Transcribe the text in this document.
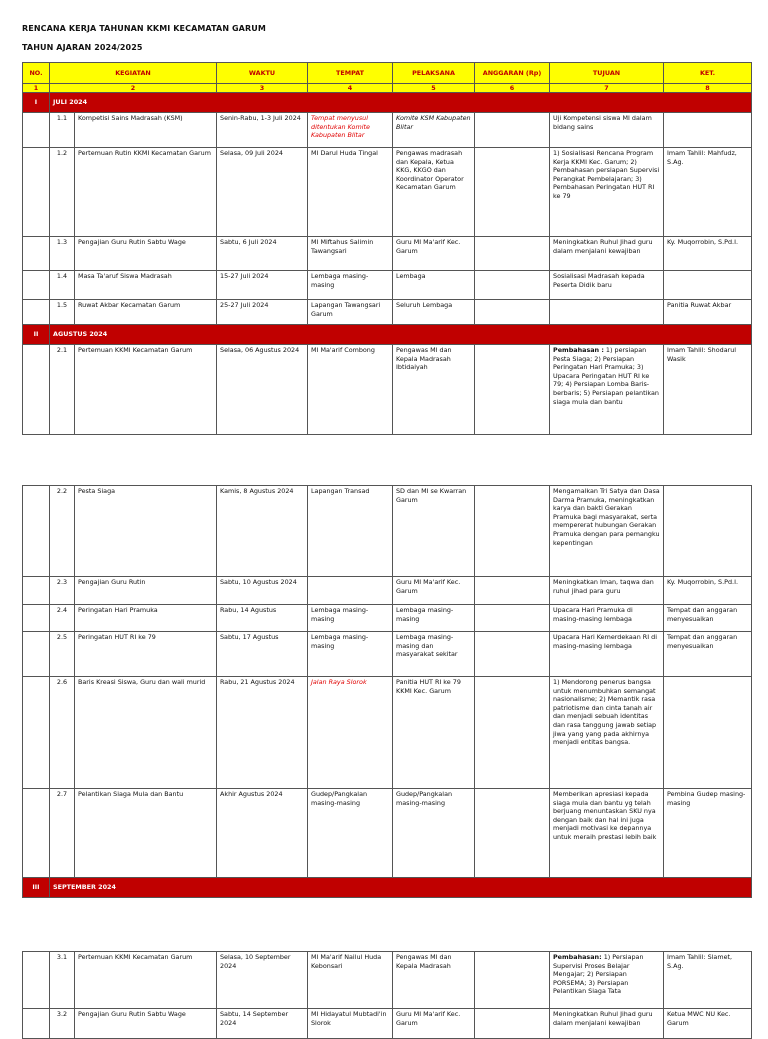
RENCANA KERJA TAHUNAN KKMI KECAMATAN GARUM
TAHUN AJARAN 2024/2025
NO.	KEGIATAN		WAKTU	TEMPAT	PELAKSANA	ANGGARAN (Rp)	TUJUAN	KET.
1	2		3	4	5	6	7	8
I	JULI 2024							
	1.1	Kompetisi Sains Madrasah (KSM)	Senin-Rabu, 1-3 Juli 2024	Tempat menyusul ditentukan Komite Kabupaten Blitar	Komite KSM Kabupaten Blitar		Uji Kompetensi siswa MI dalam bidang sains	
	1.2	Pertemuan Rutin KKMI Kecamatan Garum	Selasa, 09 Juli 2024	MI Darul Huda Tingal	Pengawas madrasah dan Kepala, Ketua KKG, KKGO dan Koordinator Operator Kecamatan Garum		1) Sosialisasi Rencana Program Kerja KKMI Kec. Garum; 2) Pembahasan persiapan Supervisi Perangkat Pembelajaran; 3) Pembahasan Peringatan HUT RI ke 79	Imam Tahlil: Mahfudz, S.Ag.
	1.3	Pengajian Guru Rutin Sabtu Wage	Sabtu, 6 Juli 2024	MI Miftahus Salimin Tawangsari	Guru MI Ma'arif Kec. Garum		Meningkatkan Ruhul Jihad guru dalam menjalani kewajiban	Ky. Muqorrobin, S.Pd.I.
	1.4	Masa Ta'aruf Siswa Madrasah	15-27 Juli 2024	Lembaga masing-masing	Lembaga		Sosialisasi Madrasah kepada Peserta Didik baru	
	1.5	Ruwat Akbar Kecamatan Garum	25-27 Juli 2024	Lapangan Tawangsari Garum	Seluruh Lembaga			Panitia Ruwat Akbar
II	AGUSTUS 2024							
	2.1	Pertemuan KKMI Kecamatan Garum	Selasa, 06 Agustus 2024	MI Ma'arif Combong	Pengawas MI dan Kepala Madrasah Ibtidaiyah		Pembahasan : 1) persiapan Pesta Siaga; 2) Persiapan Peringatan Hari Pramuka; 3) Upacara Peringatan HUT RI ke 79; 4) Persiapan Lomba Baris-berbaris; 5) Persiapan pelantikan siaga mula dan bantu	Imam Tahlil: Shodarul Wasik
	2.2	Pesta Siaga	Kamis, 8 Agustus 2024	Lapangan Transad	SD dan MI se Kwarran Garum		Mengamalkan Tri Satya dan Dasa Darma Pramuka, meningkatkan karya dan bakti Gerakan Pramuka bagi masyarakat, serta mempererat hubungan Gerakan Pramuka dengan para pemangku kepentingan	
	2.3	Pengajian Guru Rutin	Sabtu, 10 Agustus 2024		Guru MI Ma'arif Kec. Garum		Meningkatkan Iman, taqwa dan ruhul jihad para guru	Ky. Muqorrobin, S.Pd.I.
	2.4	Peringatan Hari Pramuka	Rabu, 14 Agustus	Lembaga masing-masing	Lembaga masing-masing		Upacara Hari Pramuka di masing-masing lembaga	Tempat dan anggaran menyesuaikan
	2.5	Peringatan HUT RI ke 79	Sabtu, 17 Agustus	Lembaga masing-masing	Lembaga masing-masing dan masyarakat sekitar		Upacara Hari Kemerdekaan RI di masing-masing lembaga	Tempat dan anggaran menyesuaikan
	2.6	Baris Kreasi Siswa, Guru dan wali murid	Rabu, 21 Agustus 2024	Jalan Raya Slorok	Panitia HUT RI ke 79 KKMI Kec. Garum		1) Mendorong penerus bangsa untuk menumbuhkan semangat nasionalisme; 2) Memantik rasa patriotisme dan cinta tanah air dan menjadi sebuah identitas dan rasa tanggung jawab setiap jiwa yang yang pada akhirnya menjadi entitas bangsa.	
	2.7	Pelantikan Siaga Mula dan Bantu	Akhir Agustus 2024	Gudep/Pangkalan masing-masing	Gudep/Pangkalan masing-masing		Memberikan apresiasi kepada siaga mula dan bantu yg telah berjuang menuntaskan SKU nya dengan baik dan hal ini juga menjadi motivasi ke depannya untuk meraih prestasi lebih baik	Pembina Gudep masing-masing
III	SEPTEMBER 2024							
	3.1	Pertemuan KKMI Kecamatan Garum	Selasa, 10 September 2024	MI Ma'arif Nailul Huda Kebonsari	Pengawas MI dan Kepala Madrasah		Pembahasan: 1) Persiapan Supervisi Proses Belajar Mengajar; 2) Persiapan PORSEMA; 3) Persiapan Pelantikan Siaga Tata	Imam Tahlil: Slamet, S.Ag.
	3.2	Pengajian Guru Rutin Sabtu Wage	Sabtu, 14 September 2024	MI Hidayatul Mubtadi'in Slorok	Guru MI Ma'arif Kec. Garum		Meningkatkan Ruhul Jihad guru dalam menjalani kewajiban	Ketua MWC NU Kec. Garum
